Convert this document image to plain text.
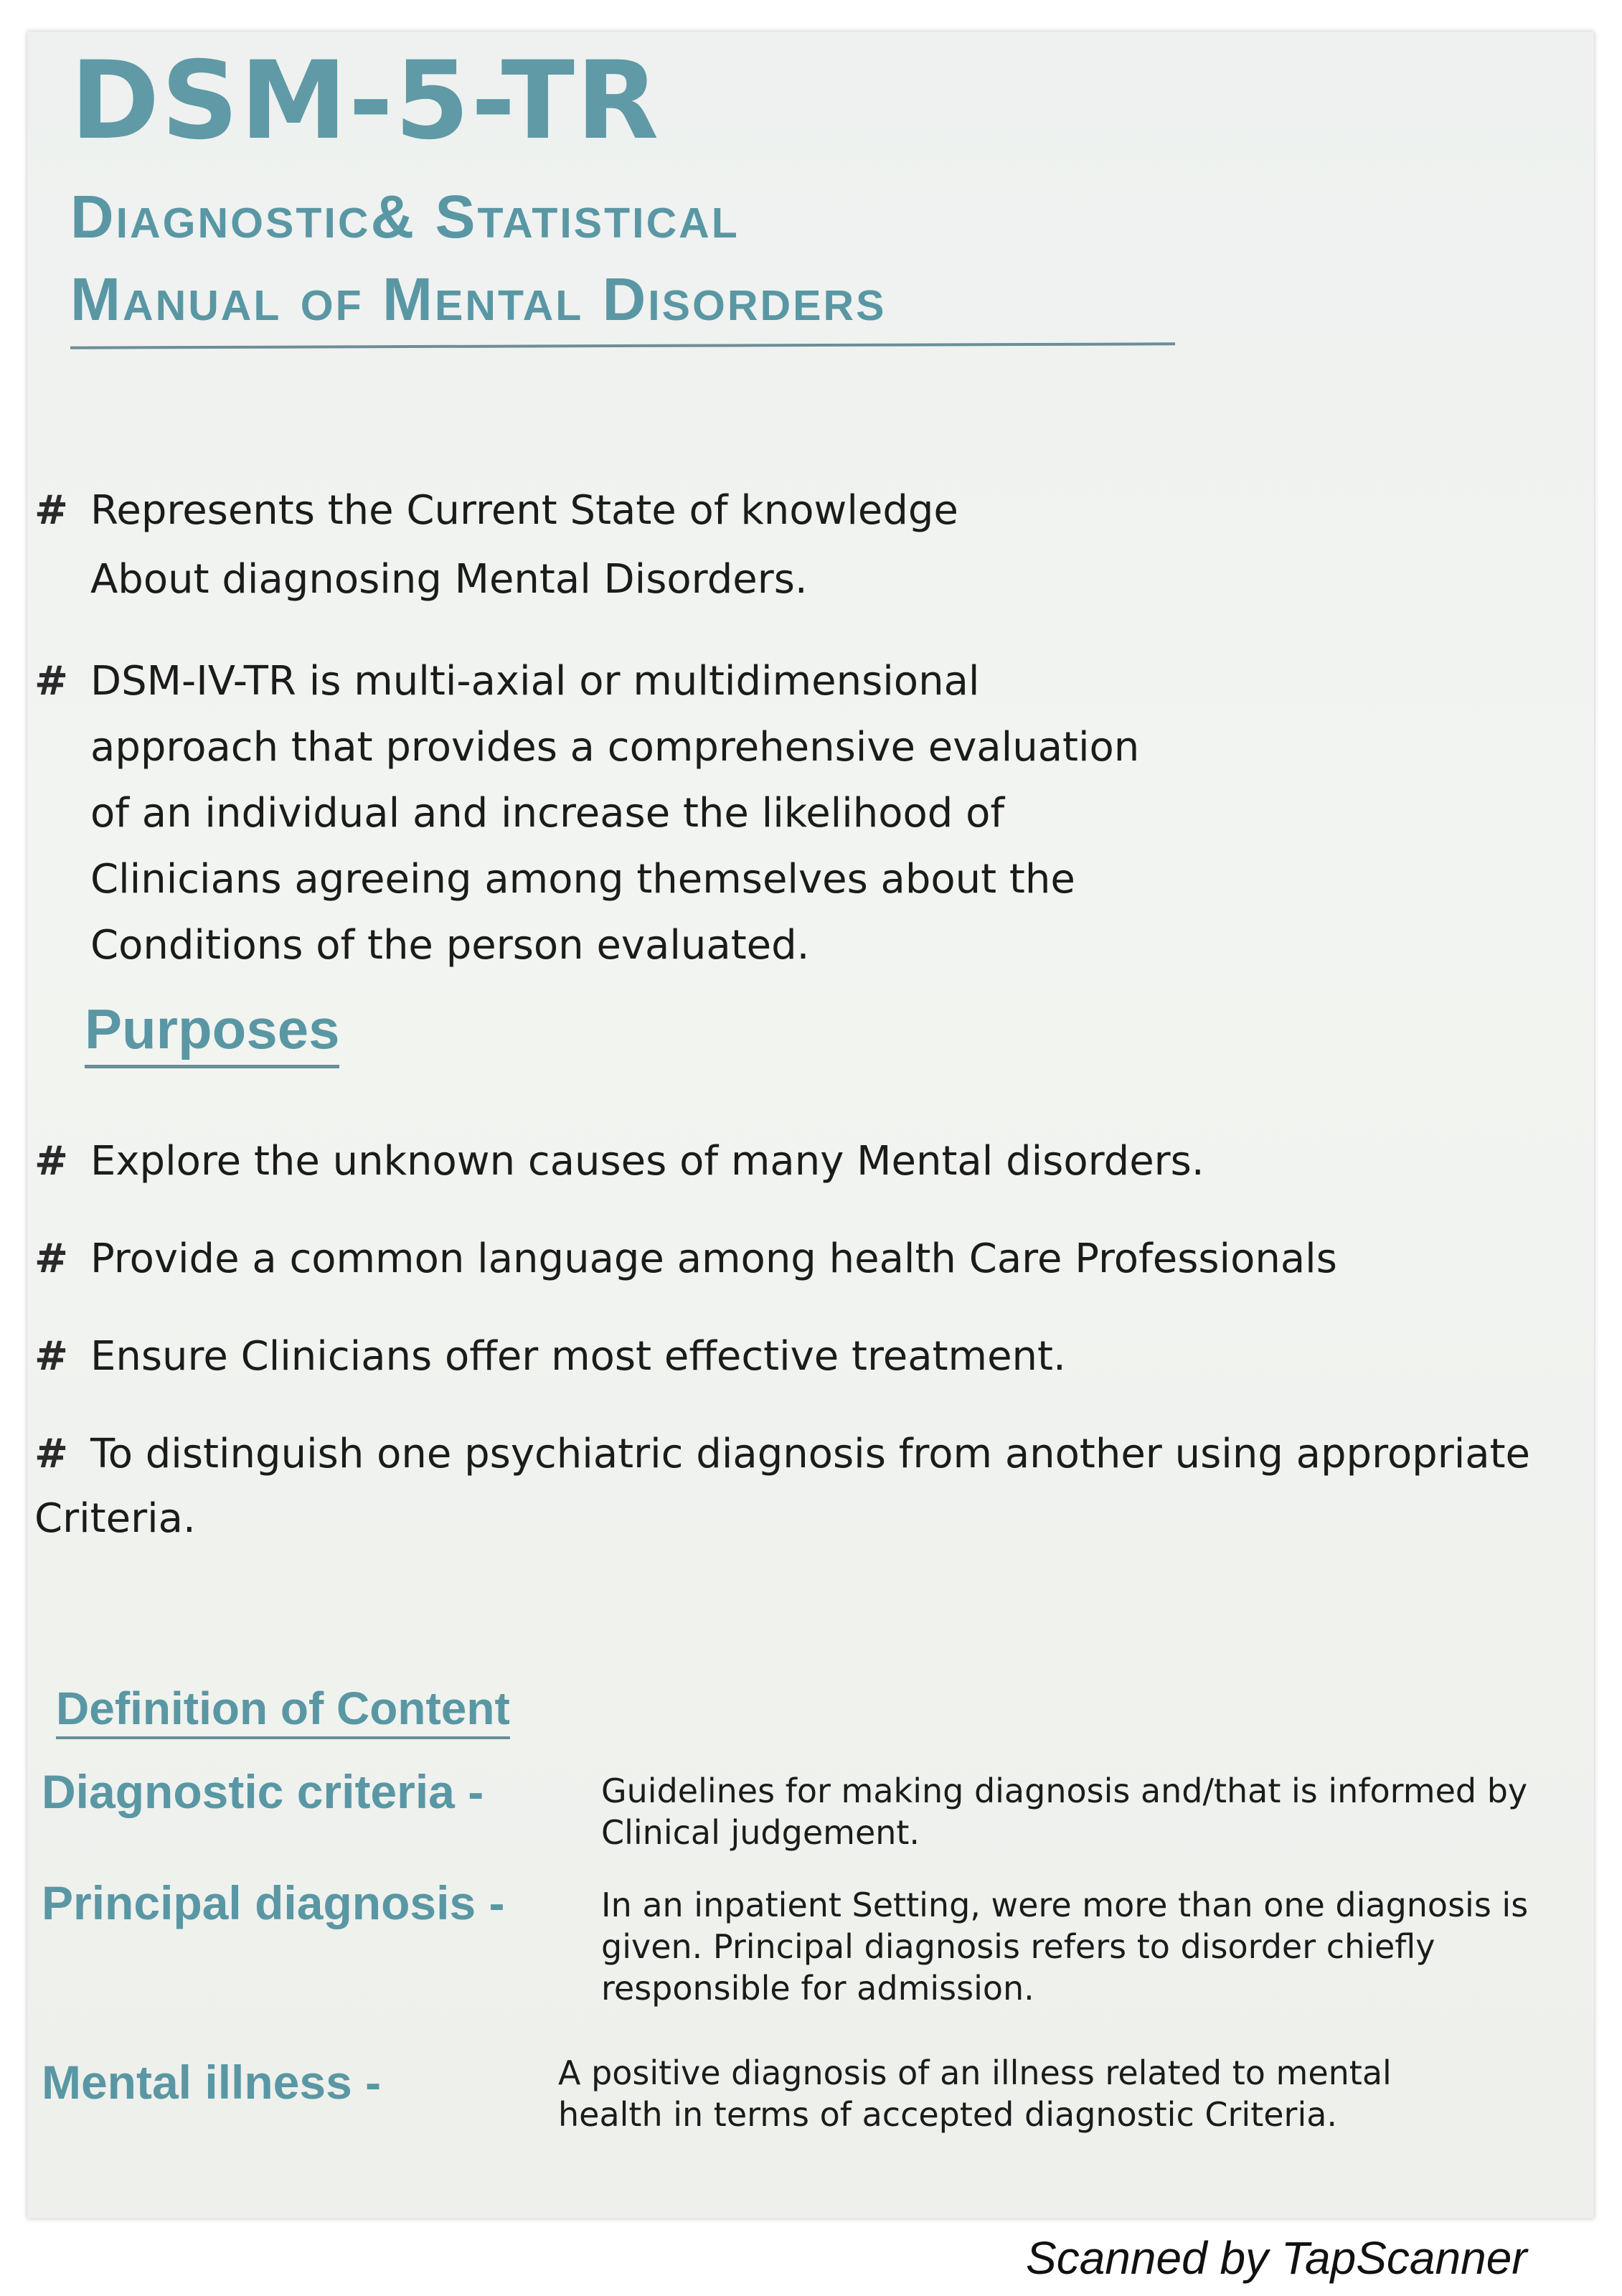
DSM-5-TR
Diagnostic& Statistical
Manual of Mental Disorders

# Represents the Current State of knowledge
About diagnosing Mental Disorders.

# DSM-IV-TR is multi-axial or multidimensional
approach that provides a comprehensive evaluation
of an individual and increase the likelihood of
Clinicians agreeing among themselves about the
Conditions of the person evaluated.

Purposes
# Explore the unknown causes of many Mental disorders.
# Provide a common language among health Care Professionals
# Ensure Clinicians offer most effective treatment.
# To distinguish one psychiatric diagnosis from another using appropriate Criteria.
Definition of Content

Diagnostic criteria -	Guidelines for making diagnosis and/that is informed by Clinical judgement.

Principal diagnosis -	In an inpatient Setting, were more than one diagnosis is given. Principal diagnosis refers to disorder chiefly responsible for admission.

Mental illness -	A positive diagnosis of an illness related to mental health in terms of accepted diagnostic Criteria.

Scanned by TapScanner
